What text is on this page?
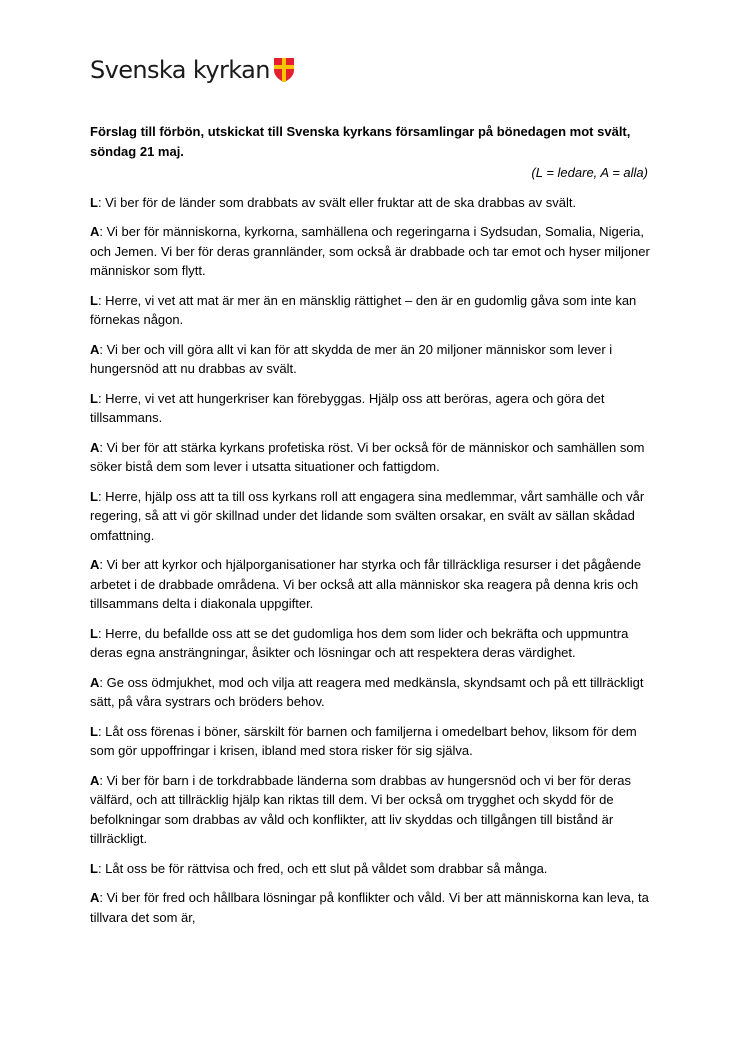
Svenska kyrkan

Förslag till förbön, utskickat till Svenska kyrkans församlingar på bönedagen mot svält, söndag 21 maj.

(L = ledare, A = alla)

L: Vi ber för de länder som drabbats av svält eller fruktar att de ska drabbas av svält.

A: Vi ber för människorna, kyrkorna, samhällena och regeringarna i Sydsudan, Somalia, Nigeria, och Jemen. Vi ber för deras grannländer, som också är drabbade och tar emot och hyser miljoner människor som flytt.

L: Herre, vi vet att mat är mer än en mänsklig rättighet – den är en gudomlig gåva som inte kan förnekas någon.

A: Vi ber och vill göra allt vi kan för att skydda de mer än 20 miljoner människor som lever i hungersnöd att nu drabbas av svält.

L: Herre, vi vet att hungerkriser kan förebyggas. Hjälp oss att beröras, agera och göra det tillsammans.

A: Vi ber för att stärka kyrkans profetiska röst. Vi ber också för de människor och samhällen som söker bistå dem som lever i utsatta situationer och fattigdom.

L: Herre, hjälp oss att ta till oss kyrkans roll att engagera sina medlemmar, vårt samhälle och vår regering, så att vi gör skillnad under det lidande som svälten orsakar, en svält av sällan skådad omfattning.

A: Vi ber att kyrkor och hjälporganisationer har styrka och får tillräckliga resurser i det pågående arbetet i de drabbade områdena. Vi ber också att alla människor ska reagera på denna kris och tillsammans delta i diakonala uppgifter.

L: Herre, du befallde oss att se det gudomliga hos dem som lider och bekräfta och uppmuntra deras egna ansträngningar, åsikter och lösningar och att respektera deras värdighet.

A: Ge oss ödmjukhet, mod och vilja att reagera med medkänsla, skyndsamt och på ett tillräckligt sätt, på våra systrars och bröders behov.

L: Låt oss förenas i böner, särskilt för barnen och familjerna i omedelbart behov, liksom för dem som gör uppoffringar i krisen, ibland med stora risker för sig själva.

A: Vi ber för barn i de torkdrabbade länderna som drabbas av hungersnöd och vi ber för deras välfärd, och att tillräcklig hjälp kan riktas till dem. Vi ber också om trygghet och skydd för de befolkningar som drabbas av våld och konflikter, att liv skyddas och tillgången till bistånd är tillräckligt.

L: Låt oss be för rättvisa och fred, och ett slut på våldet som drabbar så många.

A: Vi ber för fred och hållbara lösningar på konflikter och våld. Vi ber att människorna kan leva, ta tillvara det som är,
